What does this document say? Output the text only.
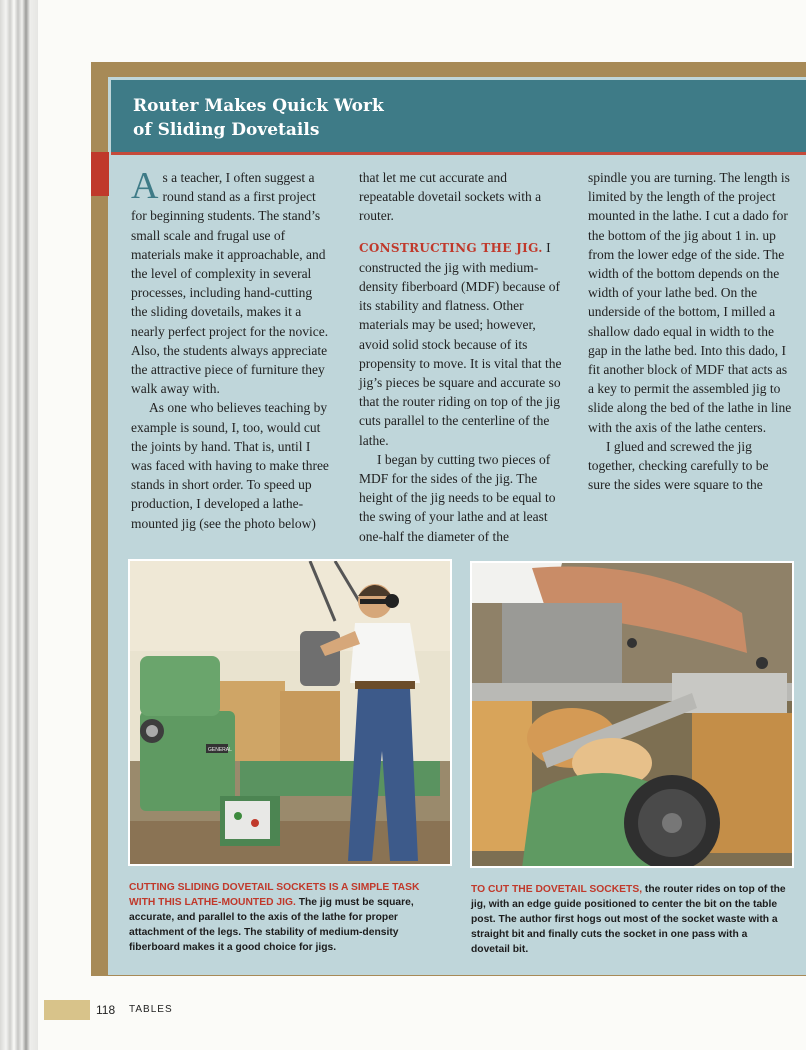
Router Makes Quick Work
of Sliding Dovetails

As a teacher, I often suggest a round stand as a first project for beginning students. The stand’s small scale and frugal use of materials make it approachable, and the level of complexity in several processes, including hand-cutting the sliding dovetails, makes it a nearly perfect project for the novice. Also, the students always appreciate the attractive piece of furniture they walk away with.

As one who believes teaching by example is sound, I, too, would cut the joints by hand. That is, until I was faced with having to make three stands in short order. To speed up production, I developed a lathe-mounted jig (see the photo below)

that let me cut accurate and repeatable dovetail sockets with a router.

CONSTRUCTING THE JIG. I constructed the jig with medium-density fiberboard (MDF) because of its stability and flatness. Other materials may be used; however, avoid solid stock because of its propensity to move. It is vital that the jig’s pieces be square and accurate so that the router riding on top of the jig cuts parallel to the centerline of the lathe.

I began by cutting two pieces of MDF for the sides of the jig. The height of the jig needs to be equal to the swing of your lathe and at least one-half the diameter of the

spindle you are turning. The length is limited by the length of the project mounted in the lathe. I cut a dado for the bottom of the jig about 1 in. up from the lower edge of the side. The width of the bottom depends on the width of your lathe bed. On the underside of the bottom, I milled a shallow dado equal in width to the gap in the lathe bed. Into this dado, I fit another block of MDF that acts as a key to permit the assembled jig to slide along the bed of the lathe in line with the axis of the lathe centers.

I glued and screwed the jig together, checking carefully to be sure the sides were square to the

GENERAL
CUTTING SLIDING DOVETAIL SOCKETS IS A SIMPLE TASK WITH THIS LATHE-MOUNTED JIG. The jig must be square, accurate, and parallel to the axis of the lathe for proper attachment of the legs. The stability of medium-density fiberboard makes it a good choice for jigs.
TO CUT THE DOVETAIL SOCKETS, the router rides on top of the jig, with an edge guide positioned to center the bit on the table post. The author first hogs out most of the socket waste with a straight bit and finally cuts the socket in one pass with a dovetail bit.
118 TABLES
